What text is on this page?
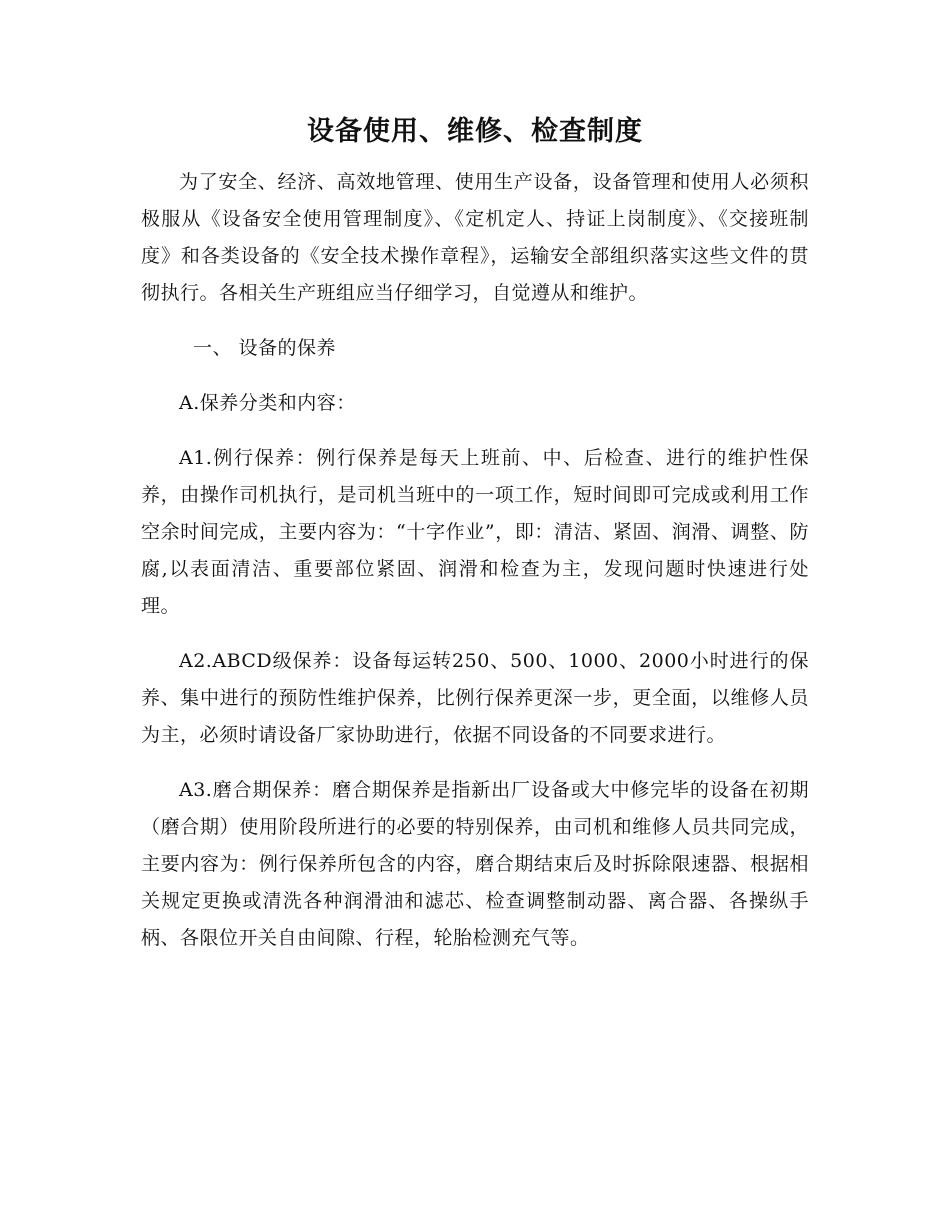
设备使用、维修、检查制度

为了安全、经济、高效地管理、使用生产设备，设备管理和使用人必须积极服从《设备安全使用管理制度》、《定机定人、持证上岗制度》、《交接班制度》和各类设备的《安全技术操作章程》，运输安全部组织落实这些文件的贯彻执行。各相关生产班组应当仔细学习，自觉遵从和维护。

一、 设备的保养

A.保养分类和内容：

A1.例行保养：例行保养是每天上班前、中、后检查、进行的维护性保养，由操作司机执行，是司机当班中的一项工作，短时间即可完成或利用工作空余时间完成，主要内容为：“十字作业”，即：清洁、紧固、润滑、调整、防腐,以表面清洁、重要部位紧固、润滑和检查为主，发现问题时快速进行处理。

A2.ABCD级保养：设备每运转250、500、1000、2000小时进行的保养、集中进行的预防性维护保养，比例行保养更深一步，更全面，以维修人员为主，必须时请设备厂家协助进行，依据不同设备的不同要求进行。

A3.磨合期保养：磨合期保养是指新出厂设备或大中修完毕的设备在初期（磨合期）使用阶段所进行的必要的特别保养，由司机和维修人员共同完成，主要内容为：例行保养所包含的内容，磨合期结束后及时拆除限速器、根据相关规定更换或清洗各种润滑油和滤芯、检查调整制动器、离合器、各操纵手柄、各限位开关自由间隙、行程，轮胎检测充气等。
